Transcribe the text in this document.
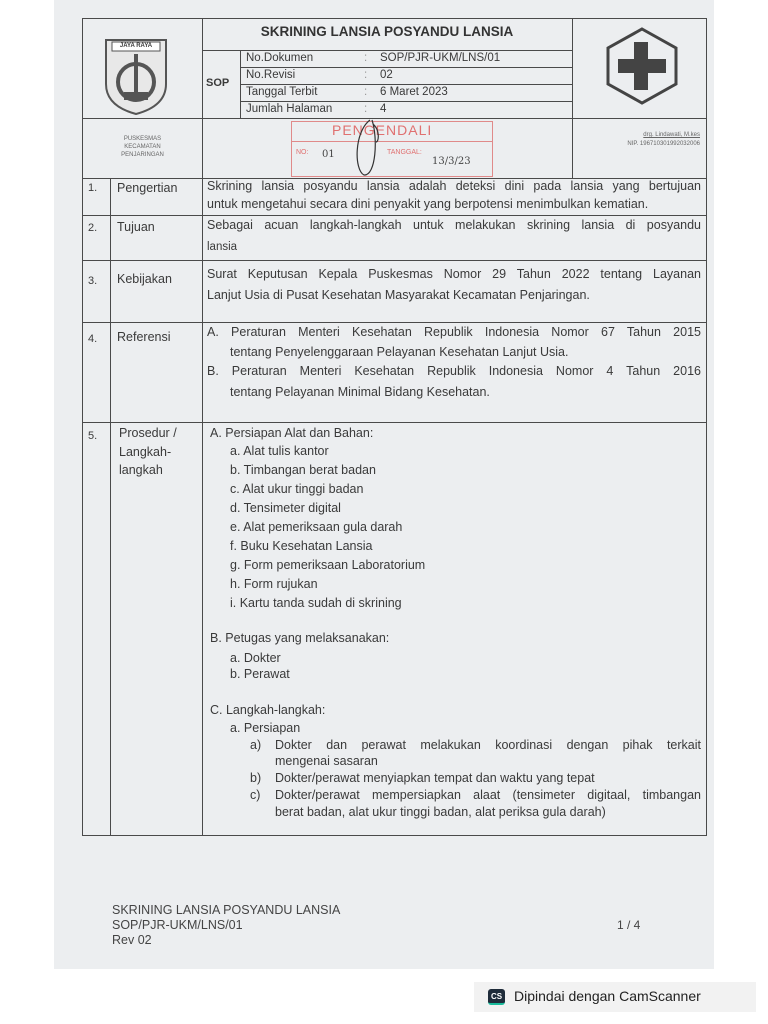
JAYA RAYA
PUSKESMAS
KECAMATAN
PENJARINGAN
SKRINING LANSIA POSYANDU LANSIA
SOP
No.Dokumen	: SOP/PJR-UKM/LNS/01
No.Revisi	: 02
Tanggal Terbit	: 6 Maret 2023
Jumlah Halaman	: 4
drg. Lindawati, M.kes
NIP. 196710301992032006
PENGENDALI
NO: 01	TANGGAL:
13/3/23
1. Pengertian Skrining lansia posyandu lansia adalah deteksi dini pada lansia yang bertujuan
untuk mengetahui secara dini penyakit yang berpotensi menimbulkan kematian.
2. Tujuan	Sebagai acuan langkah-langkah untuk melakukan skrining lansia di posyandu
lansia
3. Kebijakan	Surat Keputusan Kepala Puskesmas Nomor 29 Tahun 2022 tentang Layanan
Lanjut Usia di Pusat Kesehatan Masyarakat Kecamatan Penjaringan.
4. Referensi	A. Peraturan Menteri Kesehatan Republik Indonesia Nomor 67 Tahun 2015
tentang Penyelenggaraan Pelayanan Kesehatan Lanjut Usia.
B. Peraturan Menteri Kesehatan Republik Indonesia Nomor 4 Tahun 2016
tentang Pelayanan Minimal Bidang Kesehatan.
5. Prosedur /
Langkah-
langkah
A. Persiapan Alat dan Bahan:
a. Alat tulis kantor
b. Timbangan berat badan
c. Alat ukur tinggi badan
d. Tensimeter digital
e. Alat pemeriksaan gula darah
f. Buku Kesehatan Lansia
g. Form pemeriksaan Laboratorium
h. Form rujukan
i. Kartu tanda sudah di skrining
B. Petugas yang melaksanakan:
a. Dokter
b. Perawat
C. Langkah-langkah:
a. Persiapan
a) Dokter dan perawat melakukan koordinasi dengan pihak terkait
mengenai sasaran
b) Dokter/perawat menyiapkan tempat dan waktu yang tepat
c) Dokter/perawat mempersiapkan alaat (tensimeter digitaal, timbangan
berat badan, alat ukur tinggi badan, alat periksa gula darah)
SKRINING LANSIA POSYANDU LANSIA
SOP/PJR-UKM/LNS/01
Rev 02
1 / 4
CS Dipindai dengan CamScanner
